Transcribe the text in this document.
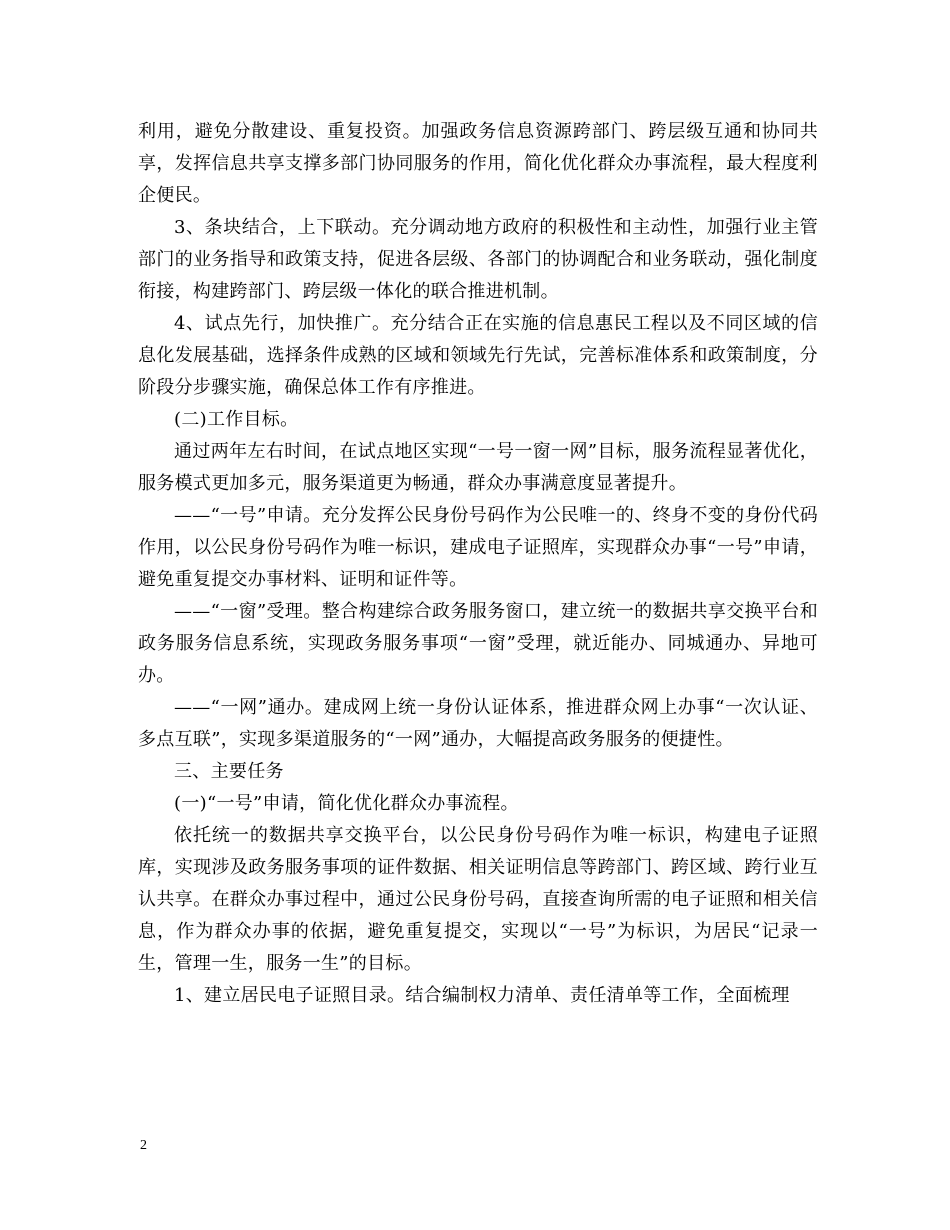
利用，避免分散建设、重复投资。加强政务信息资源跨部门、跨层级互通和协同共享，发挥信息共享支撑多部门协同服务的作用，简化优化群众办事流程，最大程度利企便民。

3、条块结合，上下联动。充分调动地方政府的积极性和主动性，加强行业主管部门的业务指导和政策支持，促进各层级、各部门的协调配合和业务联动，强化制度衔接，构建跨部门、跨层级一体化的联合推进机制。

4、试点先行，加快推广。充分结合正在实施的信息惠民工程以及不同区域的信息化发展基础，选择条件成熟的区域和领域先行先试，完善标准体系和政策制度，分阶段分步骤实施，确保总体工作有序推进。

(二)工作目标。

通过两年左右时间，在试点地区实现“一号一窗一网”目标，服务流程显著优化，服务模式更加多元，服务渠道更为畅通，群众办事满意度显著提升。

——“一号”申请。充分发挥公民身份号码作为公民唯一的、终身不变的身份代码作用，以公民身份号码作为唯一标识，建成电子证照库，实现群众办事“一号”申请，避免重复提交办事材料、证明和证件等。

——“一窗”受理。整合构建综合政务服务窗口，建立统一的数据共享交换平台和政务服务信息系统，实现政务服务事项“一窗”受理，就近能办、同城通办、异地可办。

——“一网”通办。建成网上统一身份认证体系，推进群众网上办事“一次认证、多点互联”，实现多渠道服务的“一网”通办，大幅提高政务服务的便捷性。

三、主要任务

(一)“一号”申请，简化优化群众办事流程。

依托统一的数据共享交换平台，以公民身份号码作为唯一标识，构建电子证照库，实现涉及政务服务事项的证件数据、相关证明信息等跨部门、跨区域、跨行业互认共享。在群众办事过程中，通过公民身份号码，直接查询所需的电子证照和相关信息，作为群众办事的依据，避免重复提交，实现以“一号”为标识，为居民“记录一生，管理一生，服务一生”的目标。

1、建立居民电子证照目录。结合编制权力清单、责任清单等工作，全面梳理

2
